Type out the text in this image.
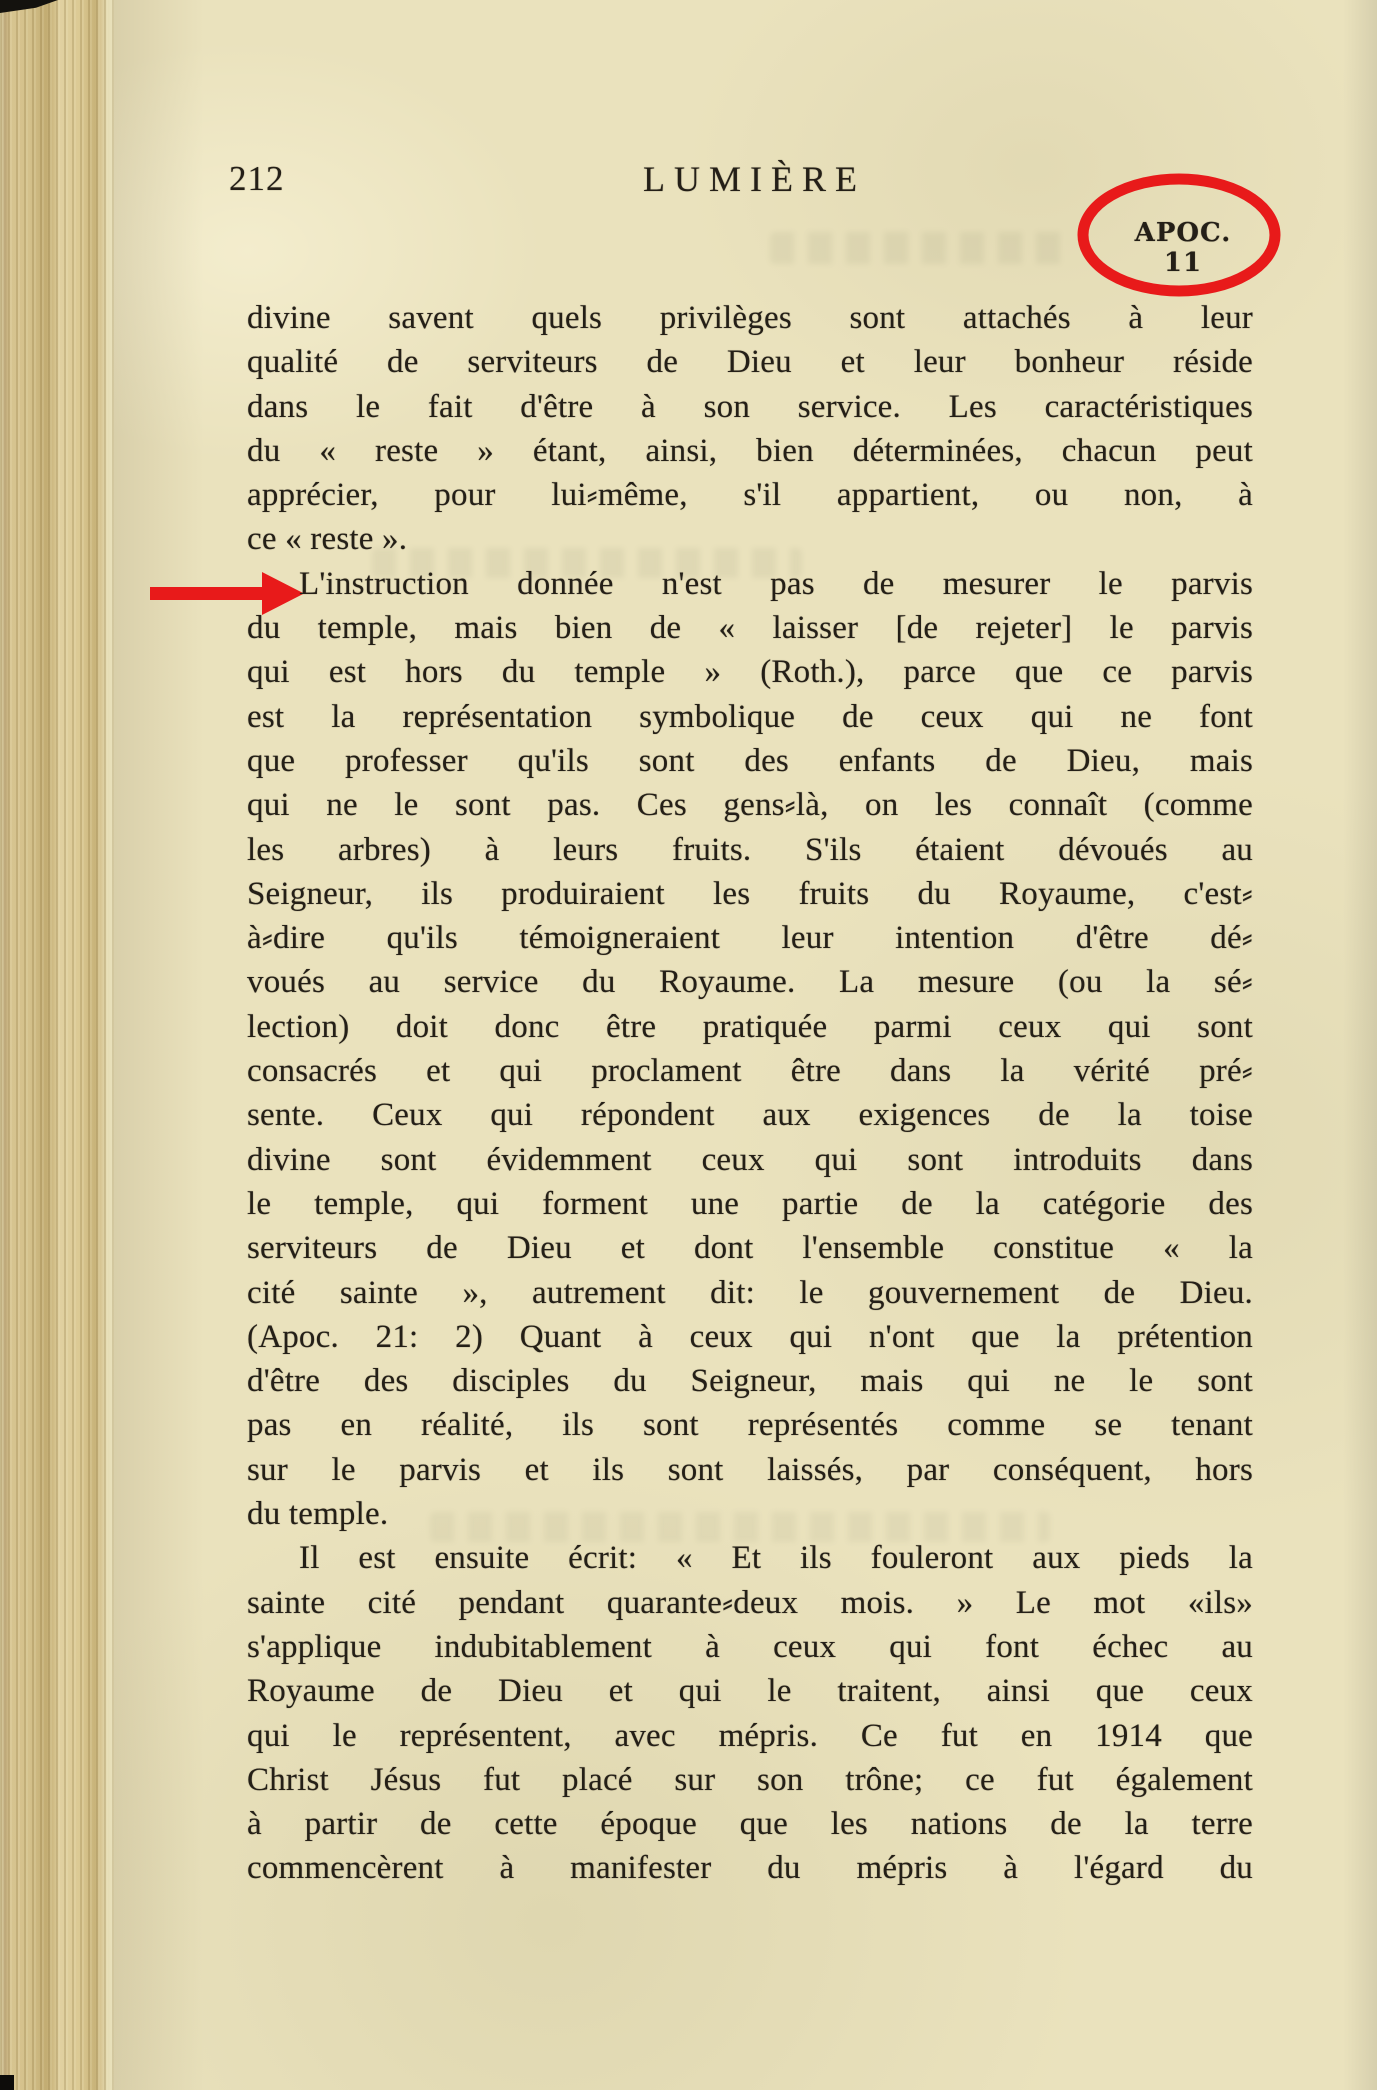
212	LUMIÈRE
APOC. 11
divine savent quels privilèges sont attachés à leur
qualité de serviteurs de Dieu et leur bonheur réside
dans le fait d'être à son service. Les caractéristiques
du « reste » étant, ainsi, bien déterminées, chacun peut
apprécier, pour lui⸗même, s'il appartient, ou non, à
ce « reste ».
L'instruction donnée n'est pas de mesurer le parvis
du temple, mais bien de « laisser [de rejeter] le parvis
qui est hors du temple » (Roth.), parce que ce parvis
est la représentation symbolique de ceux qui ne font
que professer qu'ils sont des enfants de Dieu, mais
qui ne le sont pas. Ces gens⸗là, on les connaît (comme
les arbres) à leurs fruits. S'ils étaient dévoués au
Seigneur, ils produiraient les fruits du Royaume, c'est⸗
à⸗dire qu'ils témoigneraient leur intention d'être dé⸗
voués au service du Royaume. La mesure (ou la sé⸗
lection) doit donc être pratiquée parmi ceux qui sont
consacrés et qui proclament être dans la vérité pré⸗
sente. Ceux qui répondent aux exigences de la toise
divine sont évidemment ceux qui sont introduits dans
le temple, qui forment une partie de la catégorie des
serviteurs de Dieu et dont l'ensemble constitue « la
cité sainte », autrement dit: le gouvernement de Dieu.
(Apoc. 21: 2) Quant à ceux qui n'ont que la prétention
d'être des disciples du Seigneur, mais qui ne le sont
pas en réalité, ils sont représentés comme se tenant
sur le parvis et ils sont laissés, par conséquent, hors
du temple.
Il est ensuite écrit: « Et ils fouleront aux pieds la
sainte cité pendant quarante⸗deux mois. » Le mot «ils»
s'applique indubitablement à ceux qui font échec au
Royaume de Dieu et qui le traitent, ainsi que ceux
qui le représentent, avec mépris. Ce fut en 1914 que
Christ Jésus fut placé sur son trône; ce fut également
à partir de cette époque que les nations de la terre
commencèrent à manifester du mépris à l'égard du
